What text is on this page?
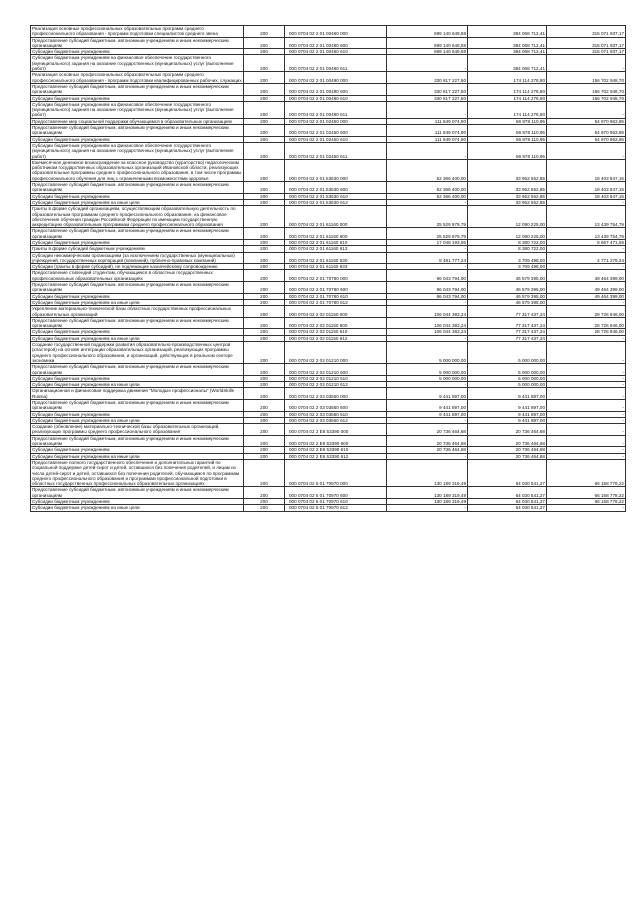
Реализация основных профессиональных образовательных программ среднего профессионального образования - программ подготовки специалистов среднего звена	200	000 0704 02 2 01 00460 000	699 140 649,58	384 068 712,41	315 071 937,17
Предоставление субсидий бюджетным, автономным учреждениям и иным некоммерческим организациям	200	000 0704 02 2 01 00460 600	699 140 649,58	384 068 712,41	315 071 937,17
Субсидии бюджетным учреждениям	200	000 0704 02 2 01 00460 610	699 140 649,58	384 068 712,41	315 071 937,17
Субсидии бюджетным учреждениям на финансовое обеспечение государственного (муниципального) задания на оказание государственных (муниципальных) услуг (выполнение работ)	200	000 0704 02 2 01 00460 611	-	384 068 712,41	-
Реализация основных профессиональных образовательных программ среднего профессионального образования - программ подготовки квалифицированных рабочих, служащих	200	000 0704 02 2 01 00490 000	330 817 227,50	174 114 278,80	156 702 948,70
Предоставление субсидий бюджетным, автономным учреждениям и иным некоммерческим организациям	200	000 0704 02 2 01 00490 600	330 817 227,50	174 114 278,80	156 702 948,70
Субсидии бюджетным учреждениям	200	000 0704 02 2 01 00490 610	330 817 227,50	174 114 278,80	156 702 948,70
Субсидии бюджетным учреждениям на финансовое обеспечение государственного (муниципального) задания на оказание государственных (муниципальных) услуг (выполнение работ)	200	000 0704 02 2 01 00490 611	-	174 114 278,80	-
Предоставление мер социальной поддержки обучающимся в образовательных организациях	200	000 0704 02 2 01 02450 000	111 849 074,90	56 878 110,95	54 970 963,95
Предоставление субсидий бюджетным, автономным учреждениям и иным некоммерческим организациям	200	000 0704 02 2 01 02450 600	111 849 074,90	56 878 110,95	54 970 963,95
Субсидии бюджетным учреждениям	200	000 0704 02 2 01 02450 610	111 849 074,90	56 878 110,95	54 970 963,95
Субсидии бюджетным учреждениям на финансовое обеспечение государственного (муниципального) задания на оказание государственных (муниципальных) услуг (выполнение работ)	200	000 0704 02 2 01 02450 611	-	56 878 110,95	-
Ежемесячное денежное вознаграждение за классное руководство (кураторство) педагогическим работникам государственных образовательных организаций Ивановской области, реализующих образовательные программы среднего профессионального образования, в том числе программы профессионального обучения для лиц с ограниченными возможностями здоровья	200	000 0704 02 2 01 53630 000	52 366 400,00	33 962 552,85	18 403 847,15
Предоставление субсидий бюджетным, автономным учреждениям и иным некоммерческим организациям	200	000 0704 02 2 01 53630 600	52 366 400,00	33 962 552,85	18 403 847,15
Субсидии бюджетным учреждениям	200	000 0704 02 2 01 53630 610	52 366 400,00	33 962 552,85	18 403 847,15
Субсидии бюджетным учреждениям на иные цели	200	000 0704 02 2 01 53630 612	-	33 962 552,85	-
Гранты в форме субсидий организациям, осуществляющим образовательную деятельность по образовательным программам среднего профессионального образования, на финансовое обеспечение обучения граждан Российской Федерации по имеющим государственную аккредитацию образовательным программам среднего профессионального образования	200	000 0704 02 2 01 61160 000	25 529 979,79	12 090 225,00	13 439 754,79
Предоставление субсидий бюджетным, автономным учреждениям и иным некоммерческим организациям	200	000 0704 02 2 01 61160 600	25 529 979,79	12 090 225,00	13 439 754,79
Субсидии бюджетным учреждениям	200	000 0704 02 2 01 61160 610	17 048 193,55	8 380 722,00	8 667 471,55
Гранты в форме субсидий бюджетным учреждениям	200	000 0704 02 2 01 61160 613	-	8 380 722,00	-
Субсидии некоммерческим организациям (за исключением государственных (муниципальных) учреждений, государственных корпораций (компаний), публично-правовых компаний)	200	000 0704 02 2 01 61160 630	8 481 777,24	3 709 498,00	4 771 279,24
Субсидии (гранты в форме субсидий), не подлежащие казначейскому сопровождению	200	000 0704 02 2 01 61160 633	-	3 709 498,00	-
Предоставление стипендий студентам, обучающимся в областных государственных профессиональных образовательных организациях	200	000 0704 02 2 01 70780 000	96 043 794,00	46 579 395,00	49 464 399,00
Предоставление субсидий бюджетным, автономным учреждениям и иным некоммерческим организациям	200	000 0704 02 2 01 70780 600	96 043 794,00	46 579 395,00	49 464 399,00
Субсидии бюджетным учреждениям	200	000 0704 02 2 01 70780 610	96 043 794,00	46 579 395,00	49 464 399,00
Субсидии бюджетным учреждениям на иные цели	200	000 0704 02 2 01 70780 612	-	46 579 395,00	-
Укрепление материально-технической базы областных государственных профессиональных образовательных организаций	200	000 0704 02 2 02 01150 000	106 044 383,24	77 317 437,24	28 726 946,00
Предоставление субсидий бюджетным, автономным учреждениям и иным некоммерческим организациям	200	000 0704 02 2 02 01150 600	106 044 383,24	77 317 437,24	28 726 946,00
Субсидии бюджетным учреждениям	200	000 0704 02 2 02 01150 610	106 044 383,24	77 317 437,24	28 726 946,00
Субсидии бюджетным учреждениям на иные цели	200	000 0704 02 2 02 01150 612	-	77 317 437,24	-
Создание государственной поддержки развития образовательно-производственных центров (кластеров) на основе интеграции образовательных организаций, реализующих программы среднего профессионального образования, и организаций, действующих в реальном секторе экономики	200	000 0704 02 2 02 01210 000	5 000 000,00	5 000 000,00	-
Предоставление субсидий бюджетным, автономным учреждениям и иным некоммерческим организациям	200	000 0704 02 2 02 01210 600	5 000 000,00	5 000 000,00	-
Субсидии бюджетным учреждениям	200	000 0704 02 2 02 01210 610	5 000 000,00	5 000 000,00	-
Субсидии бюджетным учреждениям на иные цели	200	000 0704 02 2 02 01210 612	-	5 000 000,00	-
Организационная и финансовая поддержка движения "Молодые профессионалы" (WorldSkills Russia)	200	000 0704 02 2 03 03550 000	9 441 897,00	9 441 897,00	-
Предоставление субсидий бюджетным, автономным учреждениям и иным некоммерческим организациям	200	000 0704 02 2 03 03550 600	9 441 897,00	9 441 897,00	-
Субсидии бюджетным учреждениям	200	000 0704 02 2 03 03550 610	9 441 897,00	9 441 897,00	-
Субсидии бюджетным учреждениям на иные цели	200	000 0704 02 2 03 03550 612	-	9 441 897,00	-
Создание (обновление) материально-технической базы образовательных организаций, реализующих программы среднего профессионального образования	200	000 0704 02 2 E6 53390 000	20 736 464,68	20 736 464,68	-
Предоставление субсидий бюджетным, автономным учреждениям и иным некоммерческим организациям	200	000 0704 02 2 E6 53390 600	20 736 464,68	20 736 464,68	-
Субсидии бюджетным учреждениям	200	000 0704 02 2 E6 53390 610	20 736 464,68	20 736 464,68	-
Субсидии бюджетным учреждениям на иные цели	200	000 0704 02 2 E6 53390 612	-	20 736 464,68	-
Предоставление полного государственного обеспечения и дополнительных гарантий по социальной поддержке детей-сирот и детей, оставшихся без попечения родителей, и лицам из числа детей-сирот и детей, оставшихся без попечения родителей, обучающимся по программам среднего профессионального образования и программам профессиональной подготовки в областных государственных профессиональных образовательных организациях	200	000 0704 02 5 01 70970 000	130 189 319,49	64 030 541,27	66 158 778,22
Предоставление субсидий бюджетным, автономным учреждениям и иным некоммерческим организациям	200	000 0704 02 5 01 70970 600	130 189 319,49	64 030 541,27	66 158 778,22
Субсидии бюджетным учреждениям	200	000 0704 02 5 01 70970 610	130 189 319,49	64 030 541,27	66 158 778,22
Субсидии бюджетным учреждениям на иные цели	200	000 0704 02 5 01 70970 612	-	64 030 541,27	-
